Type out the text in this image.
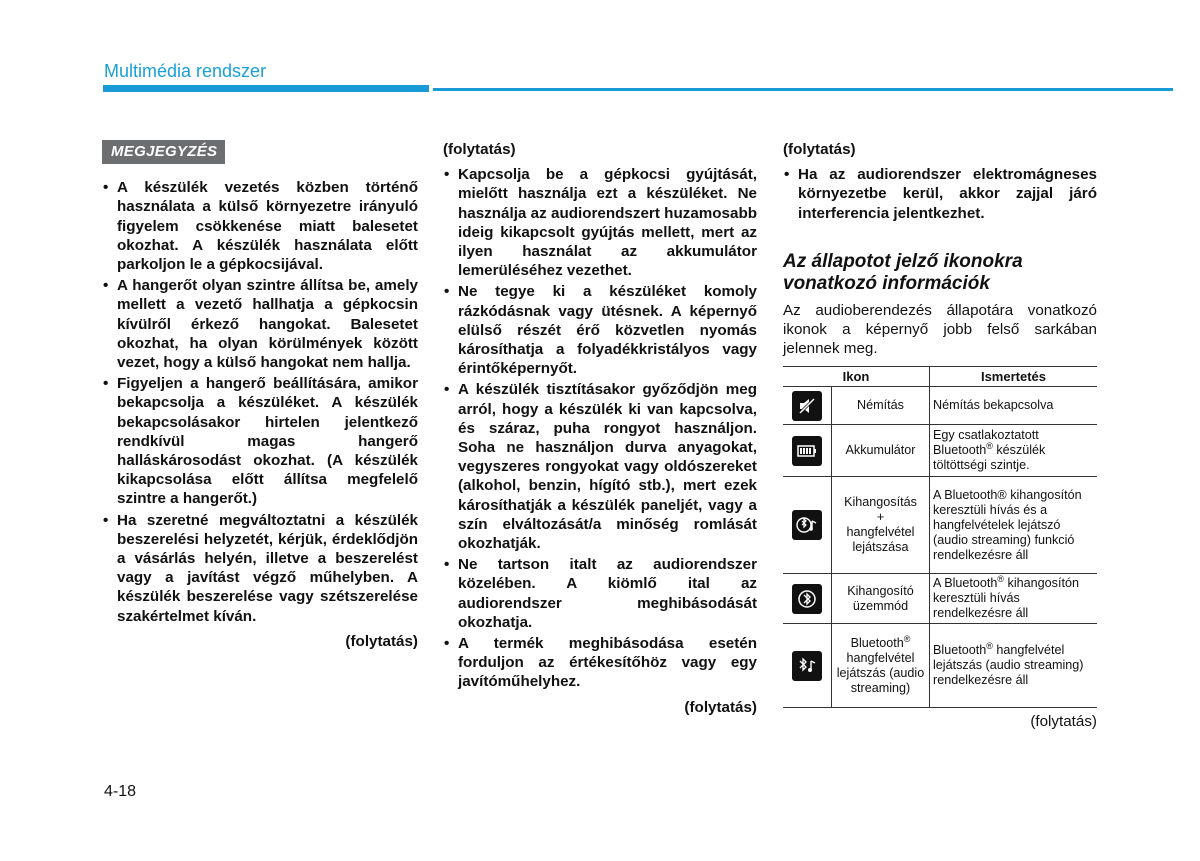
Multimédia rendszer
MEGJEGYZÉS
• A készülék vezetés közben történő használata a külső környezetre irányuló figyelem csökkenése miatt balesetet okozhat. A készülék használata előtt parkoljon le a gépkocsijával.
• A hangerőt olyan szintre állítsa be, amely mellett a vezető hallhatja a gépkocsin kívülről érkező hangokat. Balesetet okozhat, ha olyan körülmények között vezet, hogy a külső hangokat nem hallja.
• Figyeljen a hangerő beállítására, amikor bekapcsolja a készüléket. A készülék bekapcsolásakor hirtelen jelentkező rendkívül magas hangerő halláskárosodást okozhat. (A készülék kikapcsolása előtt állítsa megfelelő szintre a hangerőt.)
• Ha szeretné megváltoztatni a készülék beszerelési helyzetét, kérjük, érdeklődjön a vásárlás helyén, illetve a beszerelést vagy a javítást végző műhelyben. A készülék beszerelése vagy szétszerelése szakértelmet kíván.
(folytatás)
(folytatás)
• Kapcsolja be a gépkocsi gyújtását, mielőtt használja ezt a készüléket. Ne használja az audiorendszert huzamosabb ideig kikapcsolt gyújtás mellett, mert az ilyen használat az akkumulátor lemerüléséhez vezethet.
• Ne tegye ki a készüléket komoly rázkódásnak vagy ütésnek. A képernyő elülső részét érő közvetlen nyomás károsíthatja a folyadékkristályos vagy érintőképernyőt.
• A készülék tisztításakor győződjön meg arról, hogy a készülék ki van kapcsolva, és száraz, puha rongyot használjon. Soha ne használjon durva anyagokat, vegyszeres rongyokat vagy oldószereket (alkohol, benzin, hígító stb.), mert ezek károsíthatják a készülék paneljét, vagy a szín elváltozását/a minőség romlását okozhatják.
• Ne tartson italt az audiorendszer közelében. A kiömlő ital az audiorendszer meghibásodását okozhatja.
• A termék meghibásodása esetén forduljon az értékesítőhöz vagy egy javítóműhelyhez.
(folytatás)
(folytatás)
• Ha az audiorendszer elektromágneses környezetbe kerül, akkor zajjal járó interferencia jelentkezhet.
Az állapotot jelző ikonokra vonatkozó információk
Az audioberendezés állapotára vonatkozó ikonok a képernyő jobb felső sarkában jelennek meg.
Ikon		Ismertetés

	Némítás	Némítás bekapcsolva

	Akkumulátor	Egy csatlakoztatott Bluetooth® készülék töltöttségi szintje.

Kihangosítás
+
hangfelvétel lejátszása	A Bluetooth® kihangosítón keresztüli hívás és a hangfelvételek lejátszó (audio streaming) funkció rendelkezésre áll

	Kihangosító üzemmód	A Bluetooth® kihangosítón keresztüli hívás rendelkezésre áll

	Bluetooth® hangfelvétel lejátszás (audio streaming)	Bluetooth® hangfelvétel lejátszás (audio streaming) rendelkezésre áll
(folytatás)
4-18
